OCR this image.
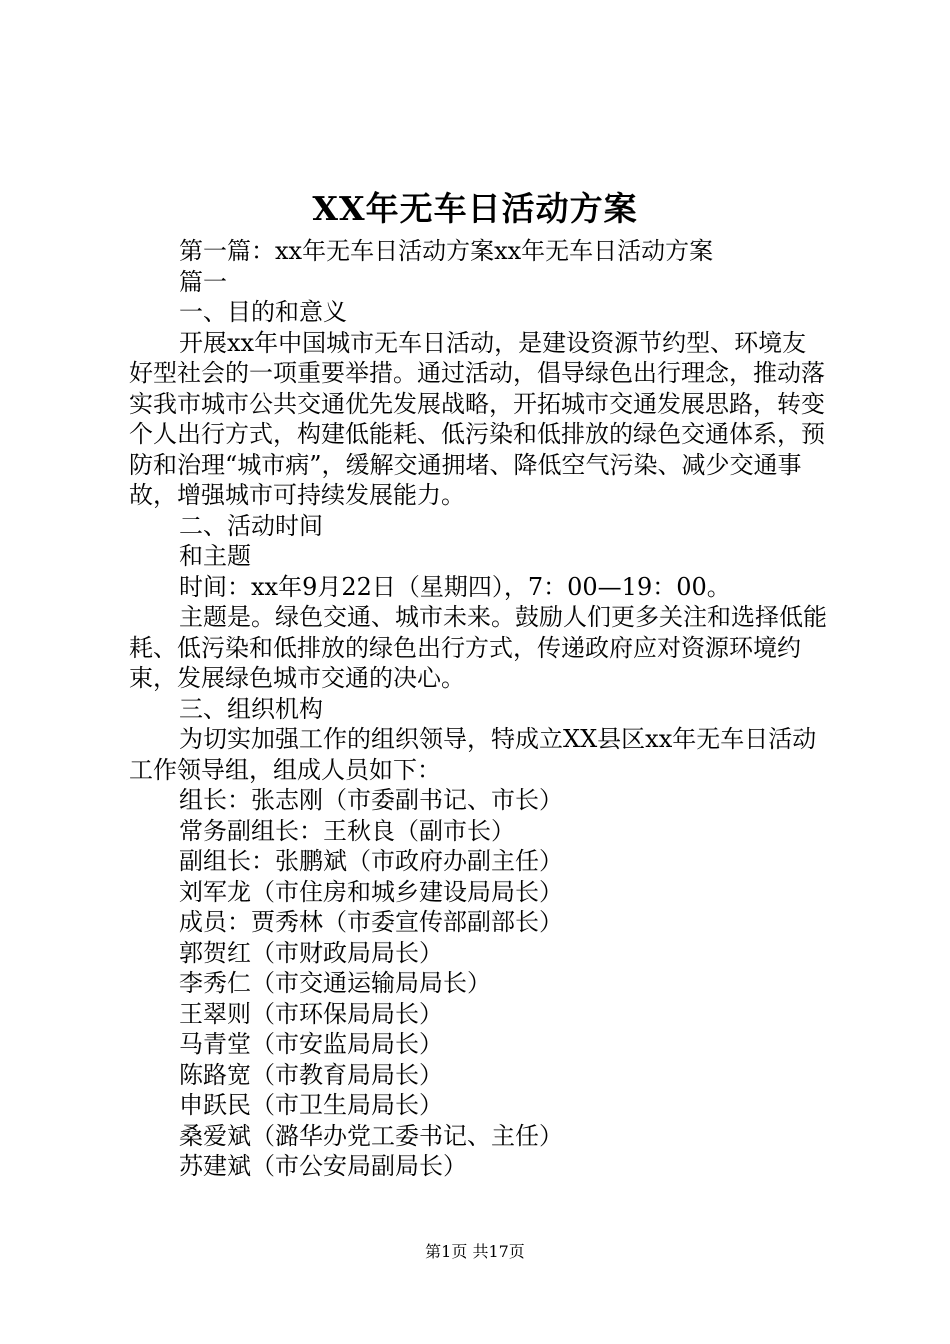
XX年无车日活动方案

第一篇：xx年无车日活动方案xx年无车日活动方案

篇一

一、目的和意义

开展xx年中国城市无车日活动，是建设资源节约型、环境友好型社会的一项重要举措。通过活动，倡导绿色出行理念，推动落实我市城市公共交通优先发展战略，开拓城市交通发展思路，转变个人出行方式，构建低能耗、低污染和低排放的绿色交通体系，预防和治理“城市病”，缓解交通拥堵、降低空气污染、减少交通事故，增强城市可持续发展能力。

二、活动时间

和主题

时间：xx年9月22日（星期四），7：00—19：00。

主题是。绿色交通、城市未来。鼓励人们更多关注和选择低能耗、低污染和低排放的绿色出行方式，传递政府应对资源环境约束，发展绿色城市交通的决心。

三、组织机构

为切实加强工作的组织领导，特成立XX县区xx年无车日活动工作领导组，组成人员如下：

组长：张志刚（市委副书记、市长）

常务副组长：王秋良（副市长）

副组长：张鹏斌（市政府办副主任）

刘军龙（市住房和城乡建设局局长）

成员：贾秀林（市委宣传部副部长）

郭贺红（市财政局局长）

李秀仁（市交通运输局局长）

王翠则（市环保局局长）

马青堂（市安监局局长）

陈路宽（市教育局局长）

申跃民（市卫生局局长）

桑爱斌（潞华办党工委书记、主任）

苏建斌（市公安局副局长）

第1页 共17页
